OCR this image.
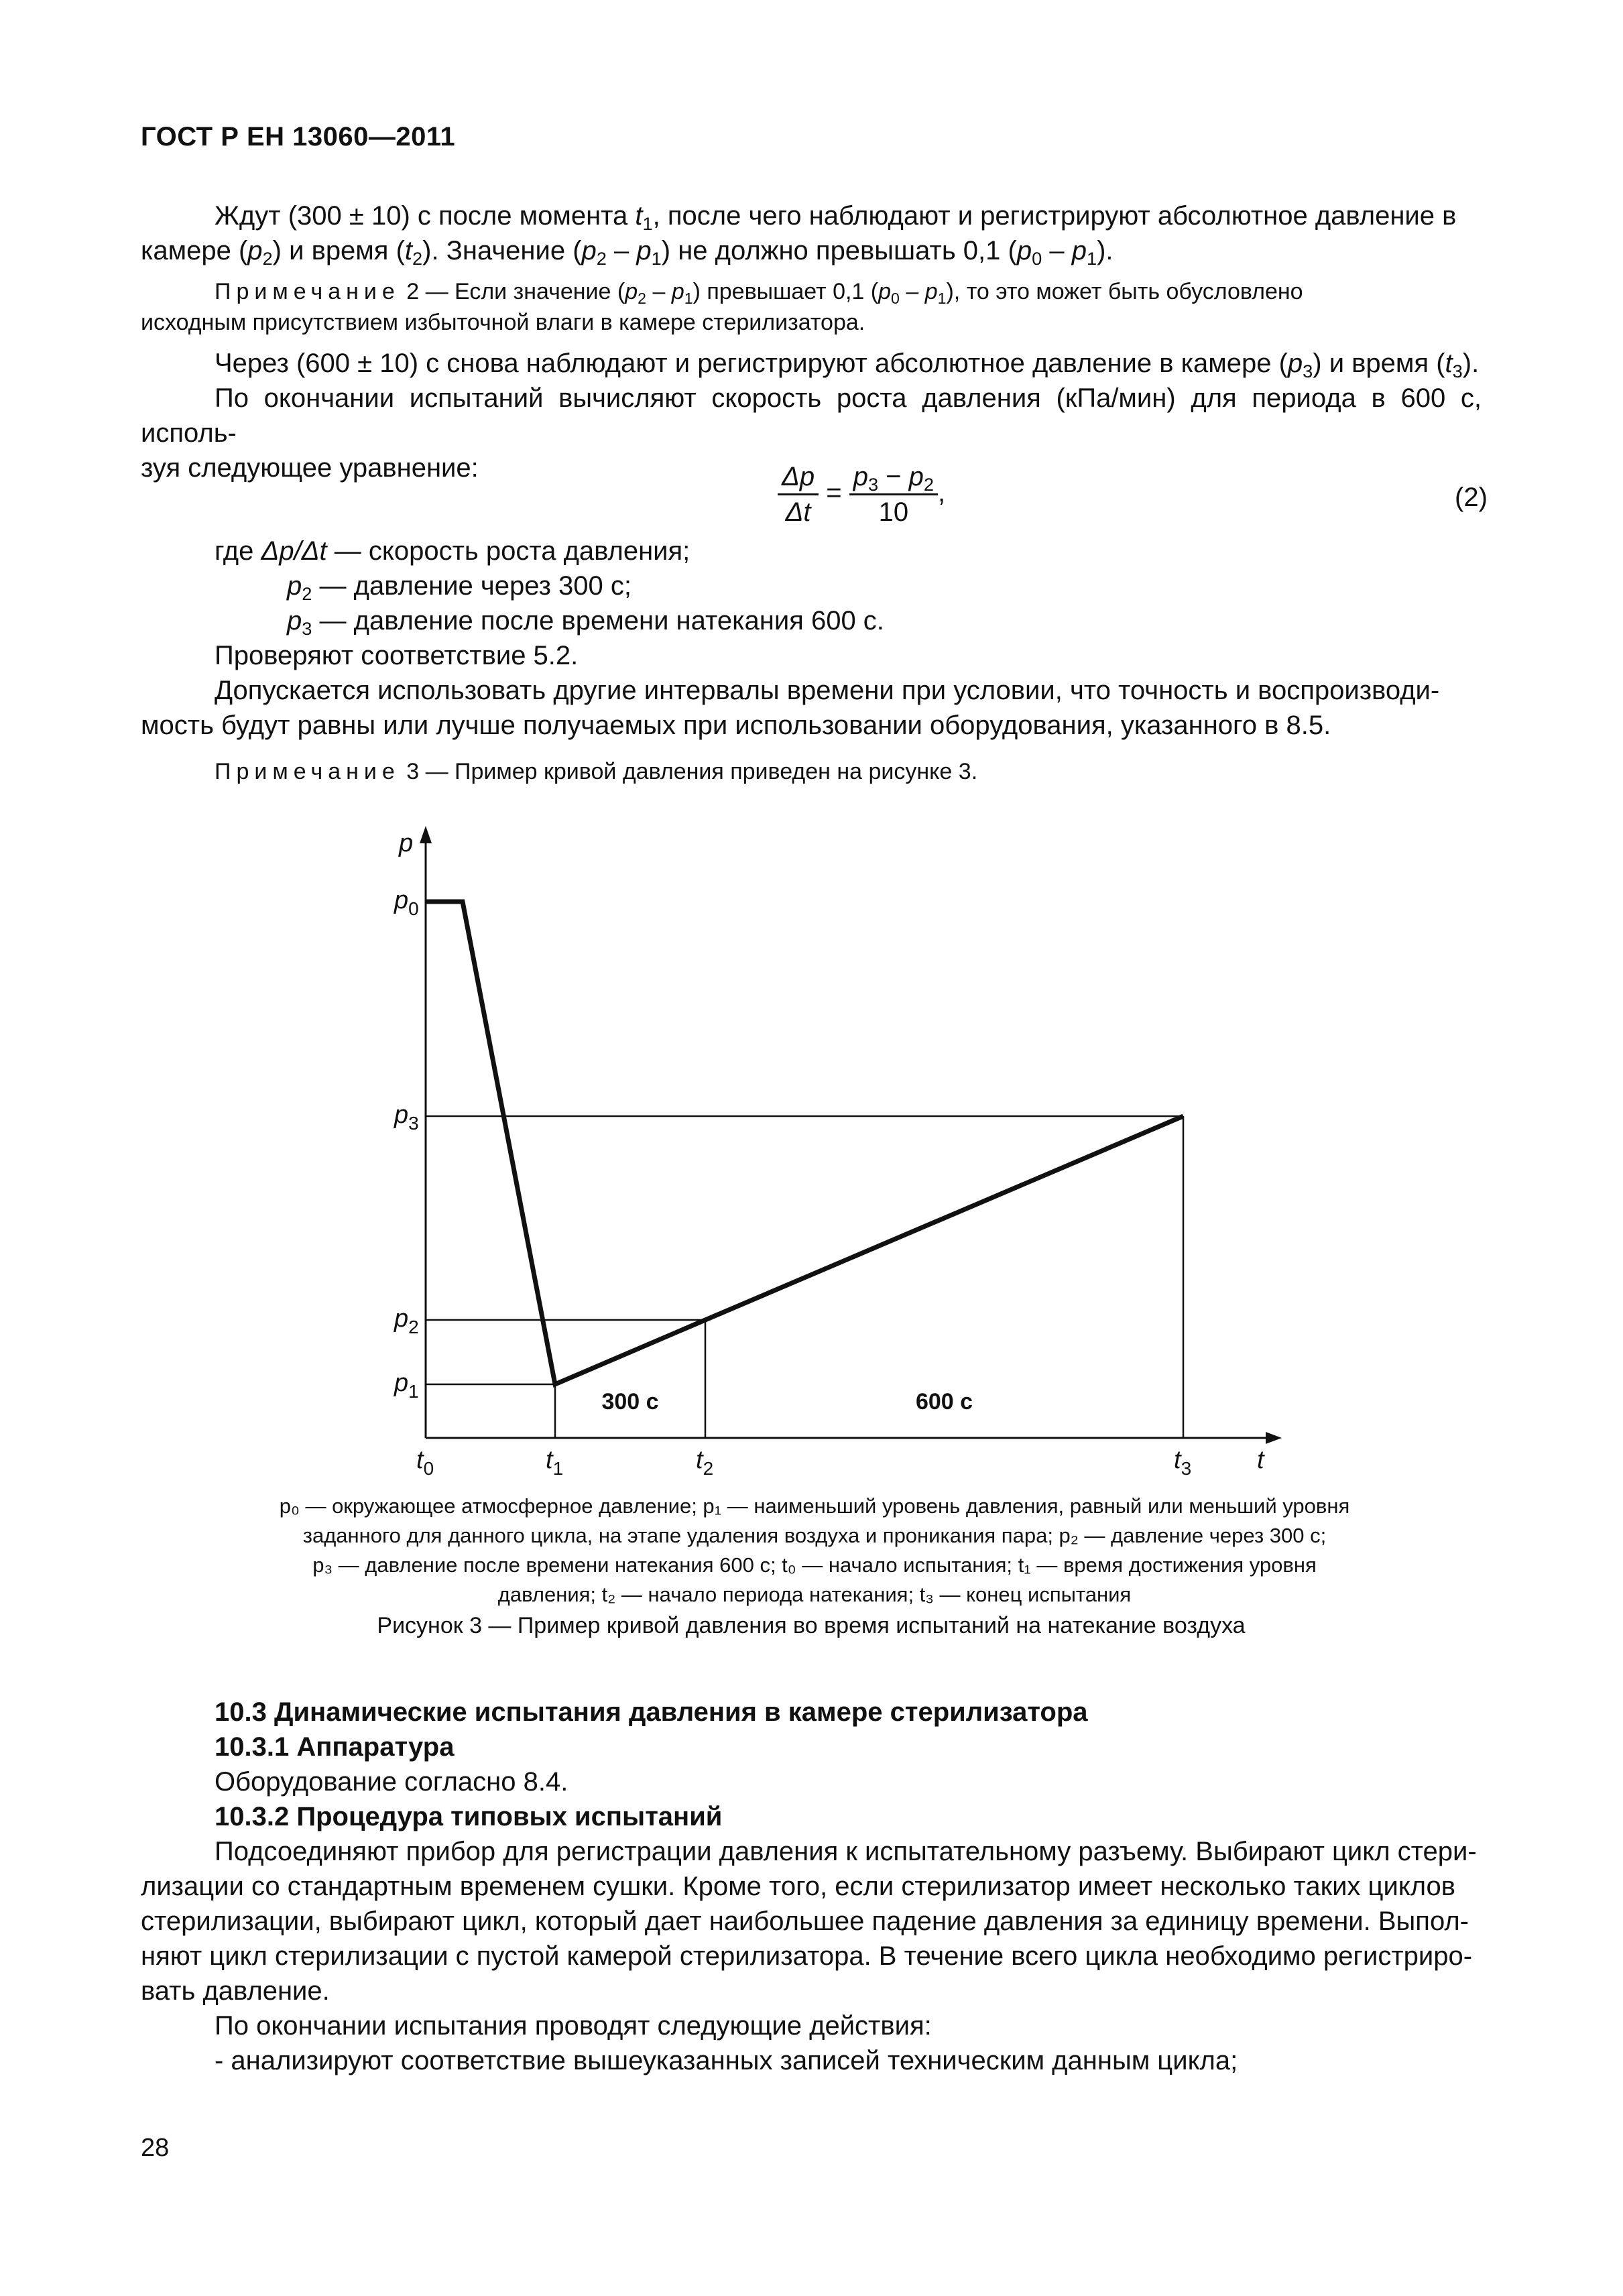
ГОСТ Р ЕН 13060—2011
Ждут (300 ± 10) с после момента $t_1$, после чего наблюдают и регистрируют абсолютное давление в
камере $(p_2)$ и время $(t_2)$. Значение $(p_2 - p_1)$ не должно превышать 0,1 $(p_0 - p_1)$.
Примечание 2 — Если значение $(p_2 - p_1)$ превышает 0,1 $(p_0 - p_1)$, то это может быть обусловлено
исходным присутствием избыточной влаги в камере стерилизатора.
Через (600 ± 10) с снова наблюдают и регистрируют абсолютное давление в камере $(p_3)$ и время $(t_3)$.
По окончании испытаний вычисляют скорость роста давления (кПа/мин) для периода в 600 с, исполь-
зуя следующее уравнение:	$\frac{\Delta p}{\Delta t} = \frac{p_3 - p_2}{10}$ ,	(2)
где Δp/Δt — скорость роста давления;
$p_2$ — давление через 300 с;
$p_3$ — давление после времени натекания 600 с.
Проверяют соответствие 5.2.
Допускается использовать другие интервалы времени при условии, что точность и воспроизводи-
мость будут равны или лучше получаемых при использовании оборудования, указанного в 8.5.
Примечание 3 — Пример кривой давления приведен на рисунке 3.
p
t
$p_0$
$p_3$
$p_2$
$p_1$
$t_0$	$t_1$	$t_2$	$t_3$
300 с	600 с
p₀ — окружающее атмосферное давление; p₁ — наименьший уровень давления, равный или меньший уровня
заданного для данного цикла, на этапе удаления воздуха и проникания пара; p₂ — давление через 300 с;
p₃ — давление после времени натекания 600 с; t₀ — начало испытания; t₁ — время достижения уровня
давления; t₂ — начало периода натекания; t₃ — конец испытания
Рисунок 3 — Пример кривой давления во время испытаний на натекание воздуха
10.3 Динамические испытания давления в камере стерилизатора
10.3.1 Аппаратура
Оборудование согласно 8.4.
10.3.2 Процедура типовых испытаний
Подсоединяют прибор для регистрации давления к испытательному разъему. Выбирают цикл стери-
лизации со стандартным временем сушки. Кроме того, если стерилизатор имеет несколько таких циклов
стерилизации, выбирают цикл, который дает наибольшее падение давления за единицу времени. Выпол-
няют цикл стерилизации с пустой камерой стерилизатора. В течение всего цикла необходимо регистриро-
вать давление.
По окончании испытания проводят следующие действия:
- анализируют соответствие вышеуказанных записей техническим данным цикла;
28
